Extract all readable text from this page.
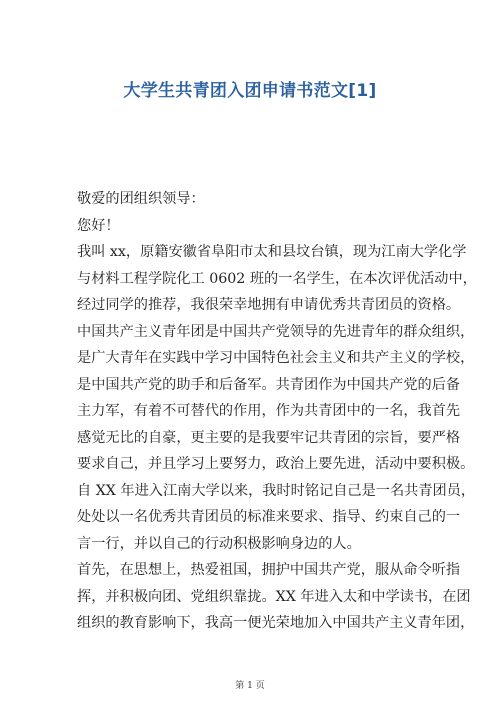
大学生共青团入团申请书范文[1]
敬爱的团组织领导：
您好！
我叫 xx，原籍安徽省阜阳市太和县坟台镇，现为江南大学化学
与材料工程学院化工 0602 班的一名学生，在本次评优活动中，
经过同学的推荐，我很荣幸地拥有申请优秀共青团员的资格。
中国共产主义青年团是中国共产党领导的先进青年的群众组织，
是广大青年在实践中学习中国特色社会主义和共产主义的学校，
是中国共产党的助手和后备军。共青团作为中国共产党的后备
主力军，有着不可替代的作用，作为共青团中的一名，我首先
感觉无比的自豪，更主要的是我要牢记共青团的宗旨，要严格
要求自己，并且学习上要努力，政治上要先进，活动中要积极。
自 XX 年进入江南大学以来，我时时铭记自己是一名共青团员，
处处以一名优秀共青团员的标准来要求、指导、约束自己的一
言一行，并以自己的行动积极影响身边的人。
首先，在思想上，热爱祖国，拥护中国共产党，服从命令听指
挥，并积极向团、党组织靠拢。XX 年进入太和中学读书，在团
组织的教育影响下，我高一便光荣地加入中国共产主义青年团，
第 1 页
